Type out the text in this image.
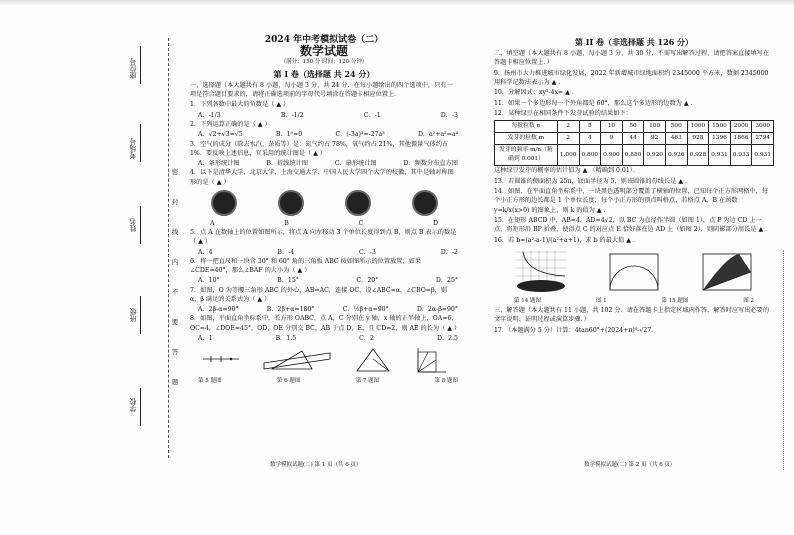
学校
班级
姓名
考场号
座位号
密
封
线
内
不
要
答
题
2024 年中考模拟试卷（二）
数学试题
（满分：150 分 时间：120 分钟）
第 I 卷（选择题 共 24 分）

一、选择题（本大题共有 8 小题，每小题 3 分，共 24 分．在每小题给出的四个选项中，只有一项是符合题目要求的，请将正确选项前的字母代号填涂在答题卡相应位置上．

1．下列各数中最大的负数是（ ▲ ）

A．-1/3	B．-1/2	C．-1	D．-3

2．下列运算正确的是（ ▲ ）

A．√2+√3=√5	B．1⁰=0	C．(-3a)³=-27a³	D．a²+a²=a⁴

3．空气的成分（除去水汽、杂质等）是：氮气约占 78%，氧气约占 21%，其他微量气体约占 1%．要反映上述信息，宜采用的统计图是（ ▲ ）

A．条形统计图	B．折线统计图	C．扇形统计图	D．频数分布直方图

4．以下是清华大学、北京大学、上海交通大学、中国人民大学四个大学的校徽，其中是轴对称图形的是（ ▲ ）

A	B	C	D

5．点 A 在数轴上的位置如图所示，将点 A 向左移动 3 个单位长度得到点 B，则点 B 表示的数是（ ▲ ）

A．4	B．-4	C．-3	D．-2

6．将一把直尺和一块含 30° 和 60° 角的三角板 ABC 按如图所示的位置放置，如果∠CDE=40°，那么∠BAF 的大小为（ ▲ ）

A．10°	B．15°	C．20°	D．25°

7．如图，O 为等腰三角形 ABC 的外心，AB=AC，连接 OC，设∠ABC=α，∠CBO=β，则 α，β 满足的关系式为（ ▲ ）

A．2β-α=90°	B．2β+α=180°	C．½β+α=90°	D．2α-β=90°

8．如图，平面直角坐标系中，长方形 OABC，点 A，C 分别在 y 轴，x 轴的正半轴上，OA=6，OC=4，∠DOE=45°，OD，OE 分别交 BC，AB 于点 D，E，且 CD=2，则 AE 的长为（ ▲ ）

A．1	B．1.5	C．2	D．2.5
第 5 题图	第 6 题图	第 7 题图	第 8 题图
数学模拟试题(二) 第 1 页（共 6 页）
第 II 卷（非选择题 共 126 分）

二、填空题（本大题共有 8 小题，每小题 3 分，共 30 分，不需写出解答过程，请把答案直接填写在答题卡相应位置上．）

9．扬州市大力推进城市绿化发展，2022 年新增城市绿地面积约 2345000 平方米，数据 2345000 用科学记数法表示为 ▲ ．

10．分解因式：xy²-4x= ▲ ．

11．如果一个多边形每一个外角都是 60°，那么这个多边形的边数为 ▲ ．

12．某种绿豆在相同条件下发芽试验的结果如下：

每批粒数 n	2	5	10	50	100	500	1000	1500	2000	3000
发芽的粒数 m	2	4	9	44	92	463	928	1396	1866	2794
发芽的频率 m/n（精确到 0.001）	1.000	0.800	0.900	0.880	0.920	0.926	0.928	0.931	0.933	0.931

这种绿豆发芽的概率的估计值为 ▲ （精确到 0.01）．

13．若圆锥的侧面积为 25π，底面半径为 5，则该圆锥的母线长是 ▲ ．

14．如图，在平面直角坐标系中，一块黑色透明部分覆盖了横轴的位置，已知每个正方形网格中，每个小正方形的边长都是 1 个单位长度，每个小正方形的顶点叫格点，若格点 A、B 在函数 y=k/x(x>0) 的图象上，则 k 的值为 ▲ ．

15．在矩形 ABCD 中，AB=4，AD=4√2，以 BC 为直径作半圆（如图 1），点 P 为边 CD 上一点，将矩形沿 BP 折叠，使得点 C 的对应点 E 恰好落在边 AD 上（如图 2），则阴影部分周长是 ▲ ．

16．若 b=(a²-a-1)/(a²+a+1)，求 b 的最大值 ▲ ．

第 14 题图	图 1	第 15 题图	图 2

三、解答题（本大题共有 11 小题，共 102 分．请在答题卡上指定区域内作答，解答时应写出必要的文字说明、证明过程或演算步骤．）

17．（本题满分 5 分）计算：4tan60°+(2024+π)⁰-√27．

数学模拟试题(二) 第 2 页（共 6 页）
